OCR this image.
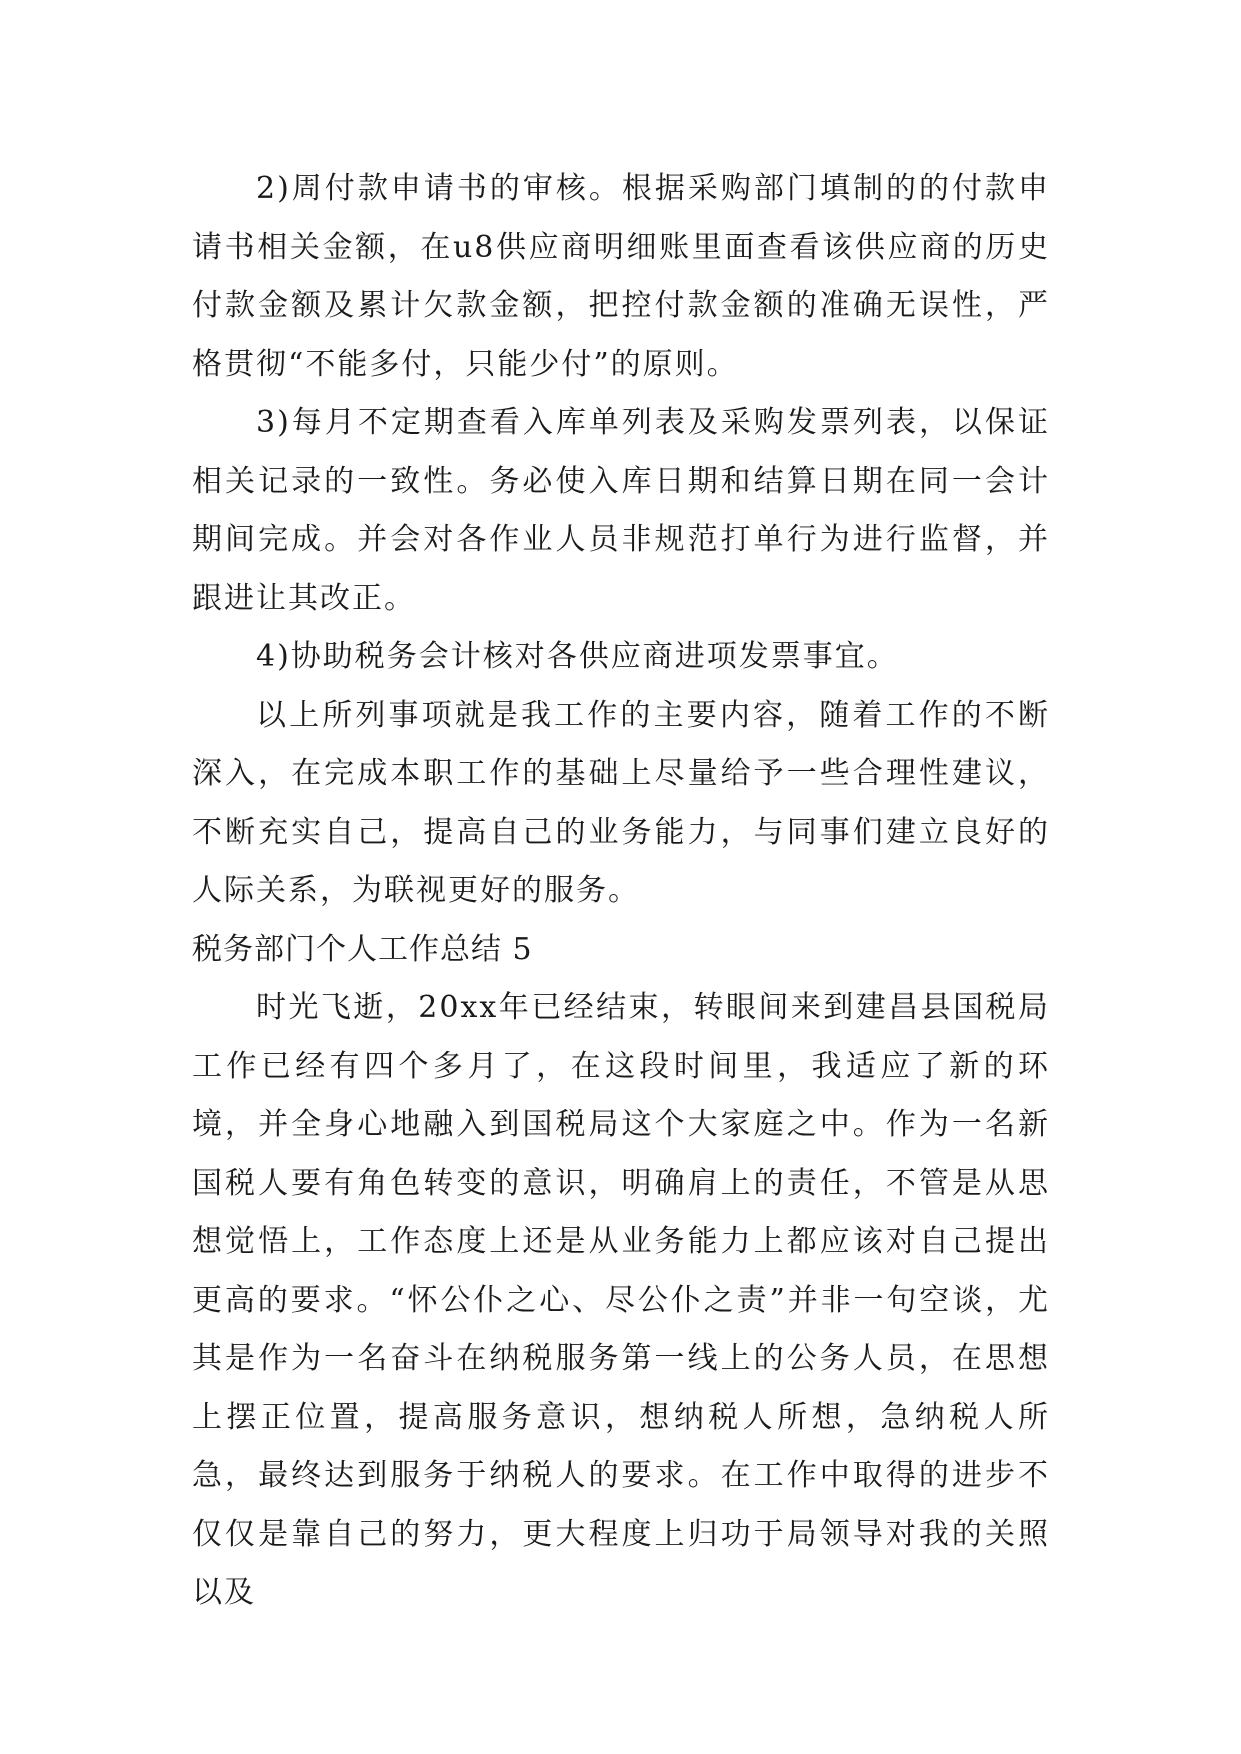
2)周付款申请书的审核。根据采购部门填制的的付款申请书相关金额，在u8供应商明细账里面查看该供应商的历史付款金额及累计欠款金额，把控付款金额的准确无误性，严格贯彻“不能多付，只能少付”的原则。

3)每月不定期查看入库单列表及采购发票列表，以保证相关记录的一致性。务必使入库日期和结算日期在同一会计期间完成。并会对各作业人员非规范打单行为进行监督，并跟进让其改正。

4)协助税务会计核对各供应商进项发票事宜。

以上所列事项就是我工作的主要内容，随着工作的不断深入，在完成本职工作的基础上尽量给予一些合理性建议，不断充实自己，提高自己的业务能力，与同事们建立良好的人际关系，为联视更好的服务。

税务部门个人工作总结 5

时光飞逝，20xx年已经结束，转眼间来到建昌县国税局工作已经有四个多月了，在这段时间里，我适应了新的环境，并全身心地融入到国税局这个大家庭之中。作为一名新国税人要有角色转变的意识，明确肩上的责任，不管是从思想觉悟上，工作态度上还是从业务能力上都应该对自己提出更高的要求。“怀公仆之心、尽公仆之责”并非一句空谈，尤其是作为一名奋斗在纳税服务第一线上的公务人员，在思想上摆正位置，提高服务意识，想纳税人所想，急纳税人所急，最终达到服务于纳税人的要求。在工作中取得的进步不仅仅是靠自己的努力，更大程度上归功于局领导对我的关照以及
